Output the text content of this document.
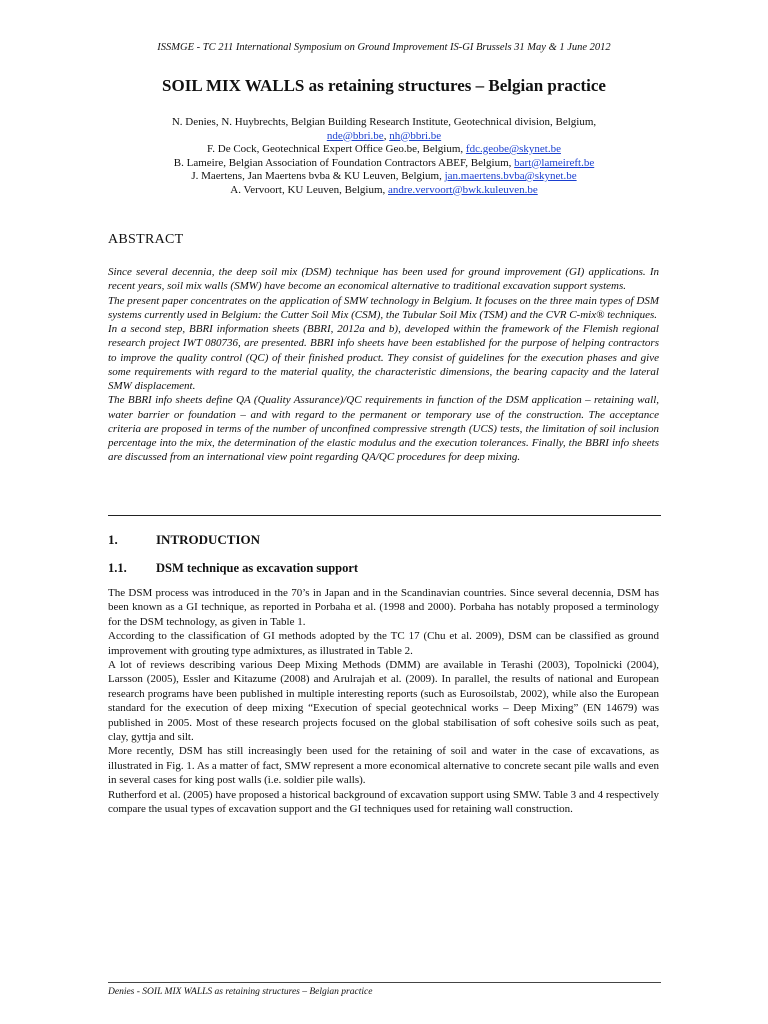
ISSMGE - TC 211 International Symposium on Ground Improvement IS-GI Brussels 31 May & 1 June 2012
SOIL MIX WALLS as retaining structures – Belgian practice
N. Denies, N. Huybrechts, Belgian Building Research Institute, Geotechnical division, Belgium,
nde@bbri.be, nh@bbri.be
F. De Cock, Geotechnical Expert Office Geo.be, Belgium, fdc.geobe@skynet.be
B. Lameire, Belgian Association of Foundation Contractors ABEF, Belgium, bart@lameireft.be
J. Maertens, Jan Maertens bvba & KU Leuven, Belgium, jan.maertens.bvba@skynet.be
A. Vervoort, KU Leuven, Belgium, andre.vervoort@bwk.kuleuven.be
ABSTRACT

Since several decennia, the deep soil mix (DSM) technique has been used for ground improvement (GI) applications. In recent years, soil mix walls (SMW) have become an economical alternative to traditional excavation support systems.

The present paper concentrates on the application of SMW technology in Belgium. It focuses on the three main types of DSM systems currently used in Belgium: the Cutter Soil Mix (CSM), the Tubular Soil Mix (TSM) and the CVR C-mix® techniques.

In a second step, BBRI information sheets (BBRI, 2012a and b), developed within the framework of the Flemish regional research project IWT 080736, are presented. BBRI info sheets have been established for the purpose of helping contractors to improve the quality control (QC) of their finished product. They consist of guidelines for the execution phases and give some requirements with regard to the material quality, the characteristic dimensions, the bearing capacity and the lateral SMW displacement.

The BBRI info sheets define QA (Quality Assurance)/QC requirements in function of the DSM application – retaining wall, water barrier or foundation – and with regard to the permanent or temporary use of the construction. The acceptance criteria are proposed in terms of the number of unconfined compressive strength (UCS) tests, the limitation of soil inclusion percentage into the mix, the determination of the elastic modulus and the execution tolerances. Finally, the BBRI info sheets are discussed from an international view point regarding QA/QC procedures for deep mixing.

1.	INTRODUCTION
1.1. DSM technique as excavation support

The DSM process was introduced in the 70’s in Japan and in the Scandinavian countries. Since several decennia, DSM has been known as a GI technique, as reported in Porbaha et al. (1998 and 2000). Porbaha has notably proposed a terminology for the DSM technology, as given in Table 1.

According to the classification of GI methods adopted by the TC 17 (Chu et al. 2009), DSM can be classified as ground improvement with grouting type admixtures, as illustrated in Table 2.

A lot of reviews describing various Deep Mixing Methods (DMM) are available in Terashi (2003), Topolnicki (2004), Larsson (2005), Essler and Kitazume (2008) and Arulrajah et al. (2009). In parallel, the results of national and European research programs have been published in multiple interesting reports (such as Eurosoilstab, 2002), while also the European standard for the execution of deep mixing “Execution of special geotechnical works – Deep Mixing” (EN 14679) was published in 2005. Most of these research projects focused on the global stabilisation of soft cohesive soils such as peat, clay, gyttja and silt.

More recently, DSM has still increasingly been used for the retaining of soil and water in the case of excavations, as illustrated in Fig. 1. As a matter of fact, SMW represent a more economical alternative to concrete secant pile walls and even in several cases for king post walls (i.e. soldier pile walls).

Rutherford et al. (2005) have proposed a historical background of excavation support using SMW. Table 3 and 4 respectively compare the usual types of excavation support and the GI techniques used for retaining wall construction.

Denies - SOIL MIX WALLS as retaining structures – Belgian practice
